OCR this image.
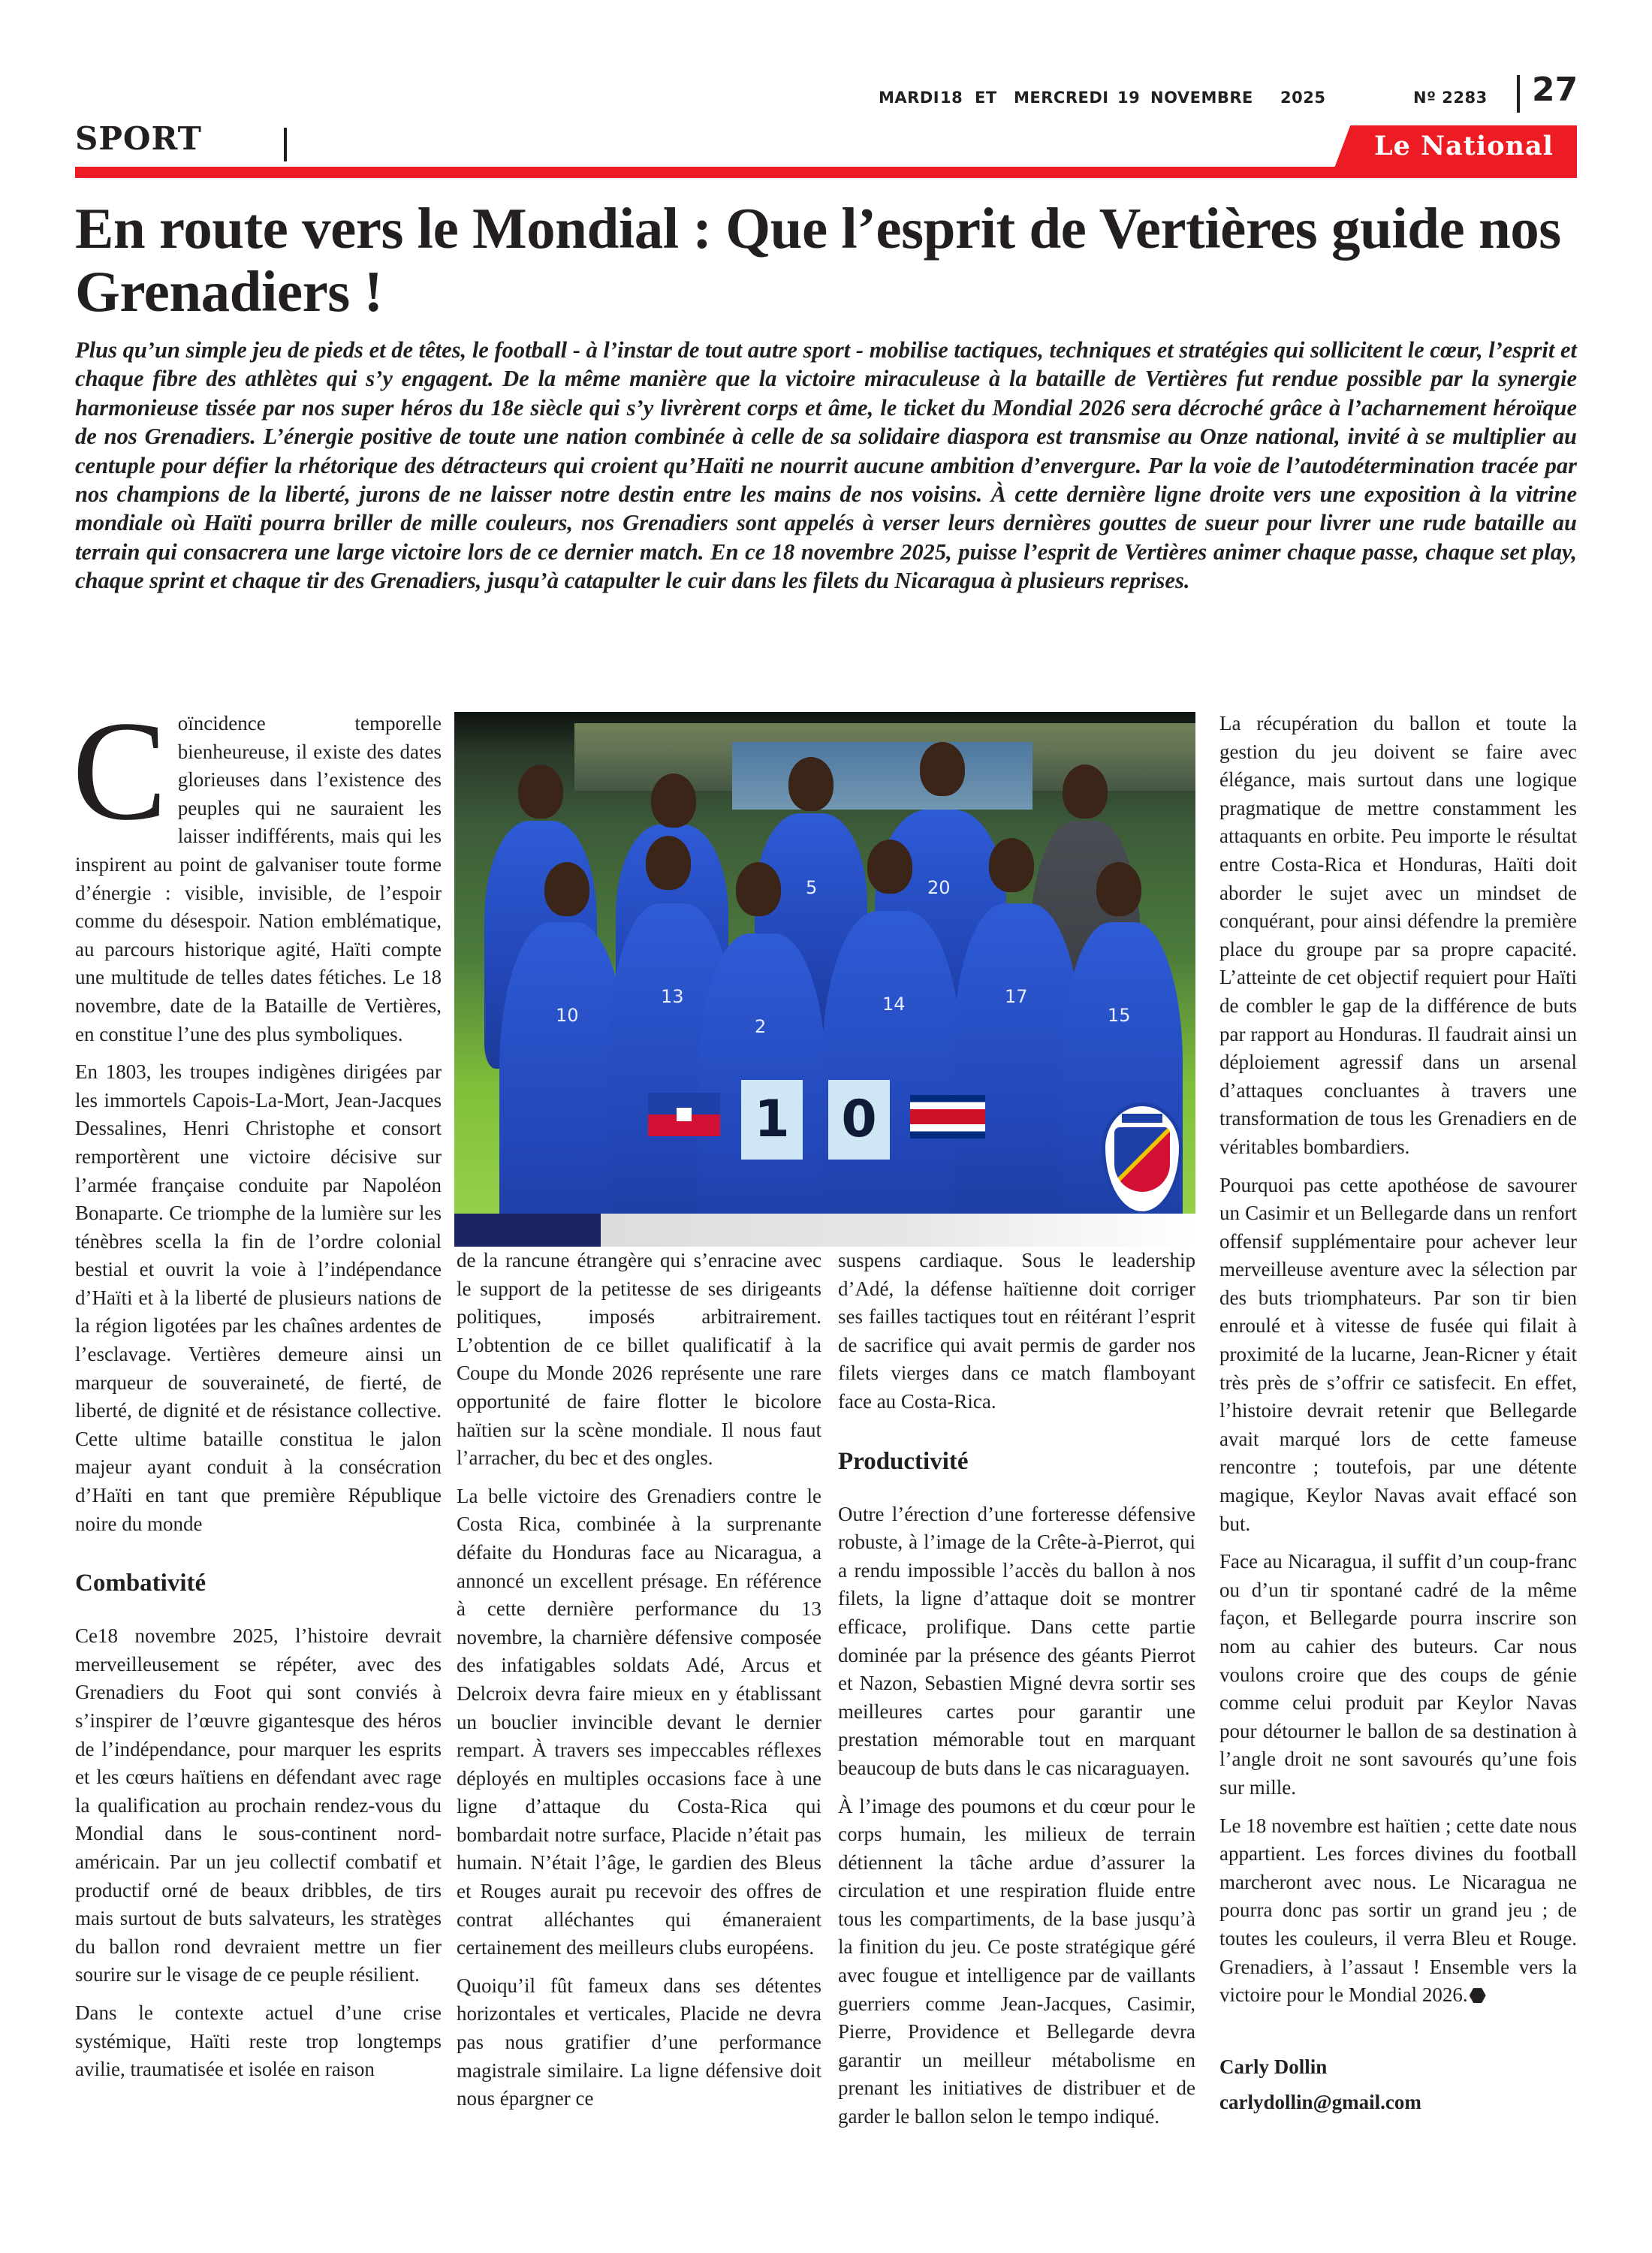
MARDI 18 ET MERCREDI 19 NOVEMBRE 2025	Nº 2283 27
SPORT	Le National
En route vers le Mondial : Que l’esprit de Vertières guide nos Grenadiers !

Plus qu’un simple jeu de pieds et de têtes, le football - à l’instar de tout autre sport - mobilise tactiques, techniques et stratégies qui sollicitent le cœur, l’esprit et chaque fibre des athlètes qui s’y engagent. De la même manière que la victoire miraculeuse à la bataille de Vertières fut rendue possible par la synergie harmonieuse tissée par nos super héros du 18e siècle qui s’y livrèrent corps et âme, le ticket du Mondial 2026 sera décroché grâce à l’acharnement héroïque de nos Grenadiers. L’énergie positive de toute une nation combinée à celle de sa solidaire diaspora est transmise au Onze national, invité à se multiplier au centuple pour défier la rhétorique des détracteurs qui croient qu’Haïti ne nourrit aucune ambition d’envergure. Par la voie de l’autodétermination tracée par nos champions de la liberté, jurons de ne laisser notre destin entre les mains de nos voisins. À cette dernière ligne droite vers une exposition à la vitrine mondiale où Haïti pourra briller de mille couleurs, nos Grenadiers sont appelés à verser leurs dernières gouttes de sueur pour livrer une rude bataille au terrain qui consacrera une large victoire lors de ce dernier match. En ce 18 novembre 2025, puisse l’esprit de Vertières animer chaque passe, chaque set play, chaque sprint et chaque tir des Grenadiers, jusqu’à catapulter le cuir dans les filets du Nicaragua à plusieurs reprises.

Coïncidence temporelle bienheureuse, il existe des dates glorieuses dans l’existence des peuples qui ne sauraient les laisser indifférents, mais qui les inspirent au point de galvaniser toute forme d’énergie : visible, invisible, de l’espoir comme du désespoir. Nation emblématique, au parcours historique agité, Haïti compte une multitude de telles dates fétiches. Le 18 novembre, date de la Bataille de Vertières, en constitue l’une des plus symboliques.

En 1803, les troupes indigènes dirigées par les immortels Capois-La-Mort, Jean-Jacques Dessalines, Henri Christophe et consort remportèrent une victoire décisive sur l’armée française conduite par Napoléon Bonaparte. Ce triomphe de la lumière sur les ténèbres scella la fin de l’ordre colonial bestial et ouvrit la voie à l’indépendance d’Haïti et à la liberté de plusieurs nations de la région ligotées par les chaînes ardentes de l’esclavage. Vertières demeure ainsi un marqueur de souveraineté, de fierté, de liberté, de dignité et de résistance collective. Cette ultime bataille constitua le jalon majeur ayant conduit à la consécration d’Haïti en tant que première République noire du monde

Combativité

Ce18 novembre 2025, l’histoire devrait merveilleusement se répéter, avec des Grenadiers du Foot qui sont conviés à s’inspirer de l’œuvre gigantesque des héros de l’indépendance, pour marquer les esprits et les cœurs haïtiens en défendant avec rage la qualification au prochain rendez-vous du Mondial dans le sous-continent nord-américain. Par un jeu collectif combatif et productif orné de beaux dribbles, de tirs mais surtout de buts salvateurs, les stratèges du ballon rond devraient mettre un fier sourire sur le visage de ce peuple résilient.

Dans le contexte actuel d’une crise systémique, Haïti reste trop longtemps avilie, traumatisée et isolée en raison

5	20
10
13
2
14	17
15
1 0

de la rancune étrangère qui s’enracine avec le support de la petitesse de ses dirigeants politiques, imposés arbitrairement. L’obtention de ce billet qualificatif à la Coupe du Monde 2026 représente une rare opportunité de faire flotter le bicolore haïtien sur la scène mondiale. Il nous faut l’arracher, du bec et des ongles.

La belle victoire des Grenadiers contre le Costa Rica, combinée à la surprenante défaite du Honduras face au Nicaragua, a annoncé un excellent présage. En référence à cette dernière performance du 13 novembre, la charnière défensive composée des infatigables soldats Adé, Arcus et Delcroix devra faire mieux en y établissant un bouclier invincible devant le dernier rempart. À travers ses impeccables réflexes déployés en multiples occasions face à une ligne d’attaque du Costa-Rica qui bombardait notre surface, Placide n’était pas humain. N’était l’âge, le gardien des Bleus et Rouges aurait pu recevoir des offres de contrat alléchantes qui émaneraient certainement des meilleurs clubs européens.

Quoiqu’il fût fameux dans ses détentes horizontales et verticales, Placide ne devra pas nous gratifier d’une performance magistrale similaire. La ligne défensive doit nous épargner ce

suspens cardiaque. Sous le leadership d’Adé, la défense haïtienne doit corriger ses failles tactiques tout en réitérant l’esprit de sacrifice qui avait permis de garder nos filets vierges dans ce match flamboyant face au Costa-Rica.

Productivité

Outre l’érection d’une forteresse défensive robuste, à l’image de la Crête-à-Pierrot, qui a rendu impossible l’accès du ballon à nos filets, la ligne d’attaque doit se montrer efficace, prolifique. Dans cette partie dominée par la présence des géants Pierrot et Nazon, Sebastien Migné devra sortir ses meilleures cartes pour garantir une prestation mémorable tout en marquant beaucoup de buts dans le cas nicaraguayen.

À l’image des poumons et du cœur pour le corps humain, les milieux de terrain détiennent la tâche ardue d’assurer la circulation et une respiration fluide entre tous les compartiments, de la base jusqu’à la finition du jeu. Ce poste stratégique géré avec fougue et intelligence par de vaillants guerriers comme Jean-Jacques, Casimir, Pierre, Providence et Bellegarde devra garantir un meilleur métabolisme en prenant les initiatives de distribuer et de garder le ballon selon le tempo indiqué.

La récupération du ballon et toute la gestion du jeu doivent se faire avec élégance, mais surtout dans une logique pragmatique de mettre constamment les attaquants en orbite. Peu importe le résultat entre Costa-Rica et Honduras, Haïti doit aborder le sujet avec un mindset de conquérant, pour ainsi défendre la première place du groupe par sa propre capacité. L’atteinte de cet objectif requiert pour Haïti de combler le gap de la différence de buts par rapport au Honduras. Il faudrait ainsi un déploiement agressif dans un arsenal d’attaques concluantes à travers une transformation de tous les Grenadiers en de véritables bombardiers.

Pourquoi pas cette apothéose de savourer un Casimir et un Bellegarde dans un renfort offensif supplémentaire pour achever leur merveilleuse aventure avec la sélection par des buts triomphateurs. Par son tir bien enroulé et à vitesse de fusée qui filait à proximité de la lucarne, Jean-Ricner y était très près de s’offrir ce satisfecit. En effet, l’histoire devrait retenir que Bellegarde avait marqué lors de cette fameuse rencontre ; toutefois, par une détente magique, Keylor Navas avait effacé son but.

Face au Nicaragua, il suffit d’un coup-franc ou d’un tir spontané cadré de la même façon, et Bellegarde pourra inscrire son nom au cahier des buteurs. Car nous voulons croire que des coups de génie comme celui produit par Keylor Navas pour détourner le ballon de sa destination à l’angle droit ne sont savourés qu’une fois sur mille.

Le 18 novembre est haïtien ; cette date nous appartient. Les forces divines du football marcheront avec nous. Le Nicaragua ne pourra donc pas sortir un grand jeu ; de toutes les couleurs, il verra Bleu et Rouge. Grenadiers, à l’assaut ! Ensemble vers la victoire pour le Mondial 2026.

Carly Dollin
carlydollin@gmail.com
